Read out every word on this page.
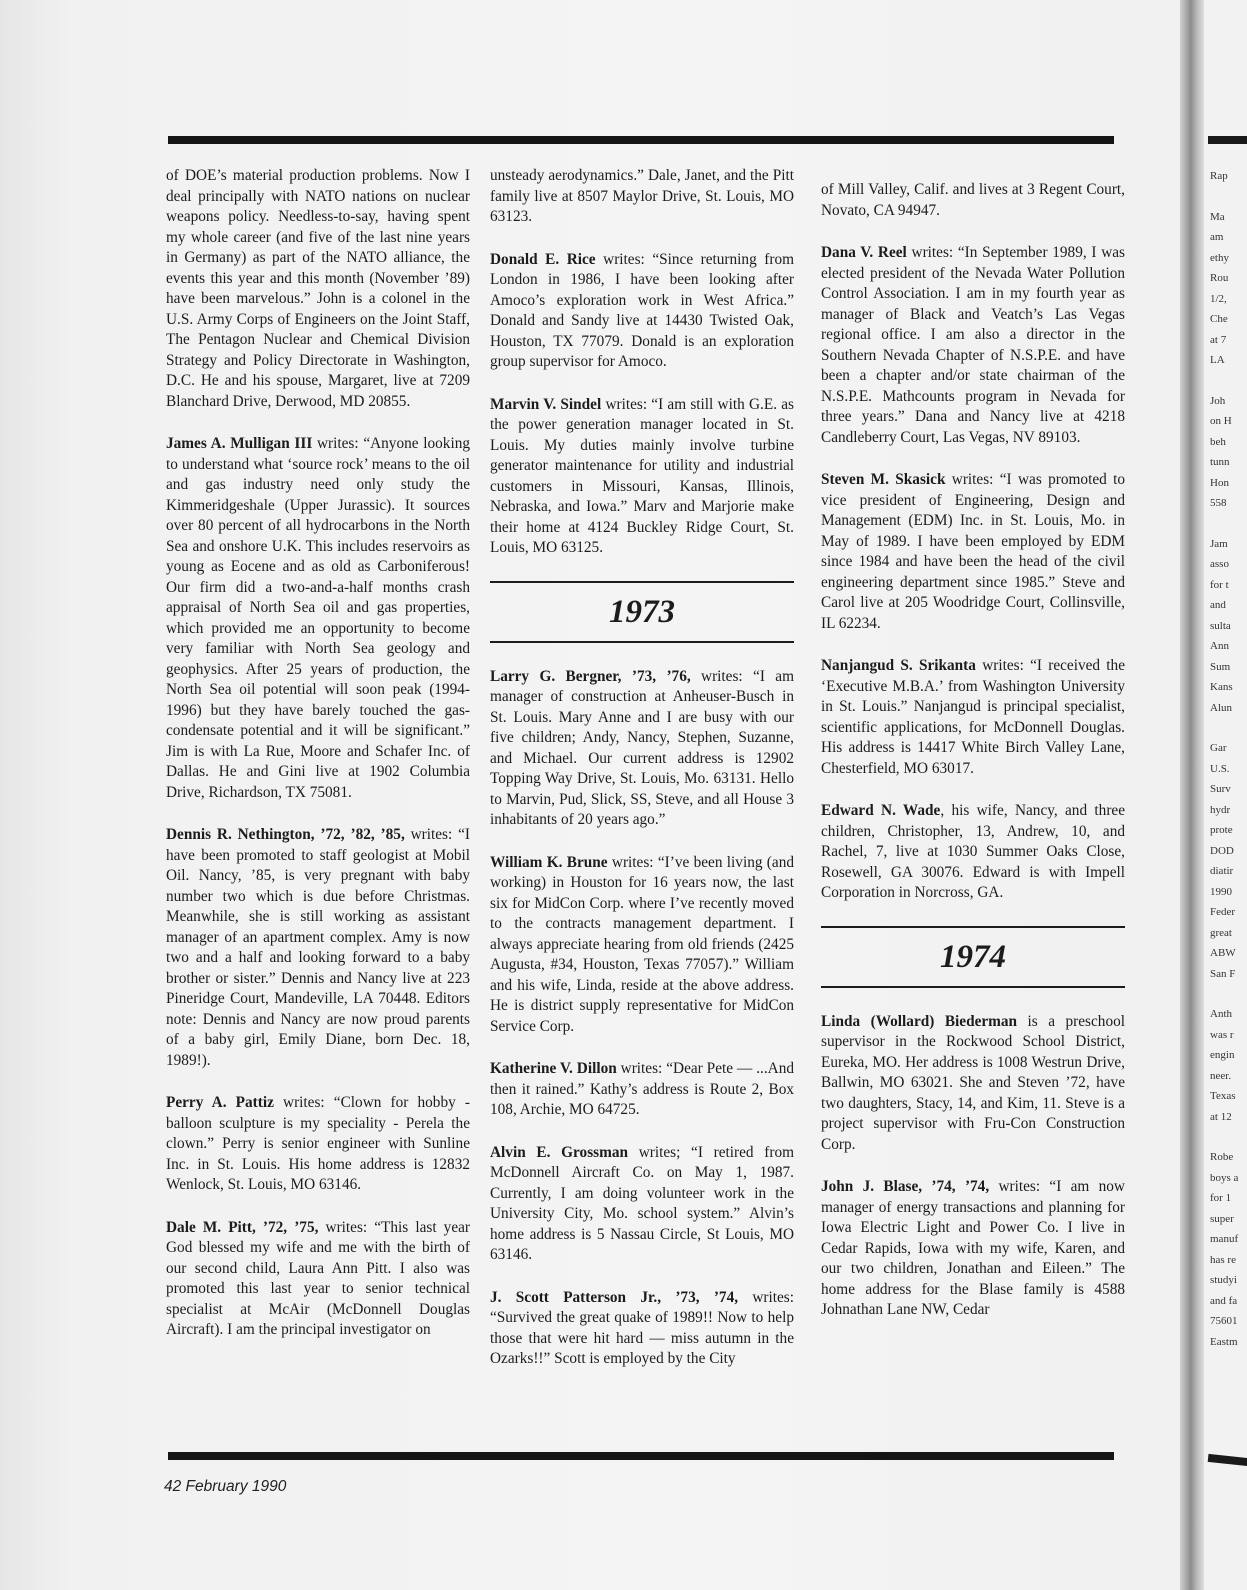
of DOE’s material production problems. Now I deal principally with NATO nations on nuclear weapons policy. Needless-to-say, having spent my whole career (and five of the last nine years in Germany) as part of the NATO alliance, the events this year and this month (November ’89) have been marvelous.” John is a colonel in the U.S. Army Corps of Engineers on the Joint Staff, The Pentagon Nuclear and Chemical Division Strategy and Policy Directorate in Washington, D.C. He and his spouse, Margaret, live at 7209 Blanchard Drive, Derwood, MD 20855.

James A. Mulligan III writes: “Anyone looking to understand what ‘source rock’ means to the oil and gas industry need only study the Kimmeridgeshale (Upper Jurassic). It sources over 80 percent of all hydrocarbons in the North Sea and onshore U.K. This includes reservoirs as young as Eocene and as old as Carboniferous! Our firm did a two-and-a-half months crash appraisal of North Sea oil and gas properties, which provided me an opportunity to become very familiar with North Sea geology and geophysics. After 25 years of production, the North Sea oil potential will soon peak (1994-1996) but they have barely touched the gas-condensate potential and it will be significant.” Jim is with La Rue, Moore and Schafer Inc. of Dallas. He and Gini live at 1902 Columbia Drive, Richardson, TX 75081.

Dennis R. Nethington, ’72, ’82, ’85, writes: “I have been promoted to staff geologist at Mobil Oil. Nancy, ’85, is very pregnant with baby number two which is due before Christmas. Meanwhile, she is still working as assistant manager of an apartment complex. Amy is now two and a half and looking forward to a baby brother or sister.” Dennis and Nancy live at 223 Pineridge Court, Mandeville, LA 70448. Editors note: Dennis and Nancy are now proud parents of a baby girl, Emily Diane, born Dec. 18, 1989!).

Perry A. Pattiz writes: “Clown for hobby - balloon sculpture is my speciality - Perela the clown.” Perry is senior engineer with Sunline Inc. in St. Louis. His home address is 12832 Wenlock, St. Louis, MO 63146.

Dale M. Pitt, ’72, ’75, writes: “This last year God blessed my wife and me with the birth of our second child, Laura Ann Pitt. I also was promoted this last year to senior technical specialist at McAir (McDonnell Douglas Aircraft). I am the principal investigator on

unsteady aerodynamics.” Dale, Janet, and the Pitt family live at 8507 Maylor Drive, St. Louis, MO 63123.

Donald E. Rice writes: “Since returning from London in 1986, I have been looking after Amoco’s exploration work in West Africa.” Donald and Sandy live at 14430 Twisted Oak, Houston, TX 77079. Donald is an exploration group supervisor for Amoco.

Marvin V. Sindel writes: “I am still with G.E. as the power generation manager located in St. Louis. My duties mainly involve turbine generator maintenance for utility and industrial customers in Missouri, Kansas, Illinois, Nebraska, and Iowa.” Marv and Marjorie make their home at 4124 Buckley Ridge Court, St. Louis, MO 63125.

1973

Larry G. Bergner, ’73, ’76, writes: “I am manager of construction at Anheuser-Busch in St. Louis. Mary Anne and I are busy with our five children; Andy, Nancy, Stephen, Suzanne, and Michael. Our current address is 12902 Topping Way Drive, St. Louis, Mo. 63131. Hello to Marvin, Pud, Slick, SS, Steve, and all House 3 inhabitants of 20 years ago.”

William K. Brune writes: “I’ve been living (and working) in Houston for 16 years now, the last six for MidCon Corp. where I’ve recently moved to the contracts management department. I always appreciate hearing from old friends (2425 Augusta, #34, Houston, Texas 77057).” William and his wife, Linda, reside at the above address. He is district supply representative for MidCon Service Corp.

Katherine V. Dillon writes: “Dear Pete — ...And then it rained.” Kathy’s address is Route 2, Box 108, Archie, MO 64725.

Alvin E. Grossman writes; “I retired from McDonnell Aircraft Co. on May 1, 1987. Currently, I am doing volunteer work in the University City, Mo. school system.” Alvin’s home address is 5 Nassau Circle, St Louis, MO 63146.

J. Scott Patterson Jr., ’73, ’74, writes: “Survived the great quake of 1989!! Now to help those that were hit hard — miss autumn in the Ozarks!!” Scott is employed by the City

of Mill Valley, Calif. and lives at 3 Regent Court, Novato, CA 94947.

Dana V. Reel writes: “In September 1989, I was elected president of the Nevada Water Pollution Control Association. I am in my fourth year as manager of Black and Veatch’s Las Vegas regional office. I am also a director in the Southern Nevada Chapter of N.S.P.E. and have been a chapter and/or state chairman of the N.S.P.E. Mathcounts program in Nevada for three years.” Dana and Nancy live at 4218 Candleberry Court, Las Vegas, NV 89103.

Steven M. Skasick writes: “I was promoted to vice president of Engineering, Design and Management (EDM) Inc. in St. Louis, Mo. in May of 1989. I have been employed by EDM since 1984 and have been the head of the civil engineering department since 1985.” Steve and Carol live at 205 Woodridge Court, Collinsville, IL 62234.

Nanjangud S. Srikanta writes: “I received the ‘Executive M.B.A.’ from Washington University in St. Louis.” Nanjangud is principal specialist, scientific applications, for McDonnell Douglas. His address is 14417 White Birch Valley Lane, Chesterfield, MO 63017.

Edward N. Wade, his wife, Nancy, and three children, Christopher, 13, Andrew, 10, and Rachel, 7, live at 1030 Summer Oaks Close, Rosewell, GA 30076. Edward is with Impell Corporation in Norcross, GA.

1974

Linda (Wollard) Biederman is a preschool supervisor in the Rockwood School District, Eureka, MO. Her address is 1008 Westrun Drive, Ballwin, MO 63021. She and Steven ’72, have two daughters, Stacy, 14, and Kim, 11. Steve is a project supervisor with Fru-Con Construction Corp.

John J. Blase, ’74, ’74, writes: “I am now manager of energy transactions and planning for Iowa Electric Light and Power Co. I live in Cedar Rapids, Iowa with my wife, Karen, and our two children, Jonathan and Eileen.” The home address for the Blase family is 4588 Johnathan Lane NW, Cedar

42 February 1990
Rap
Ma
am
ethy
Rou
1/2,
Che
at 7
LA
Joh
on H
beh
tunn
Hon
558
Jam
asso
for t
and
sulta
Ann
Sum
Kans
Alun
Gar
U.S.
Surv
hydr
prote
DOD
diatir
1990
Feder
great
ABW
San F
Anth
was r
engin
neer.
Texas
at 12
Robe
boys a
for 1
super
manuf
has re
studyi
and fa
75601
Eastm
